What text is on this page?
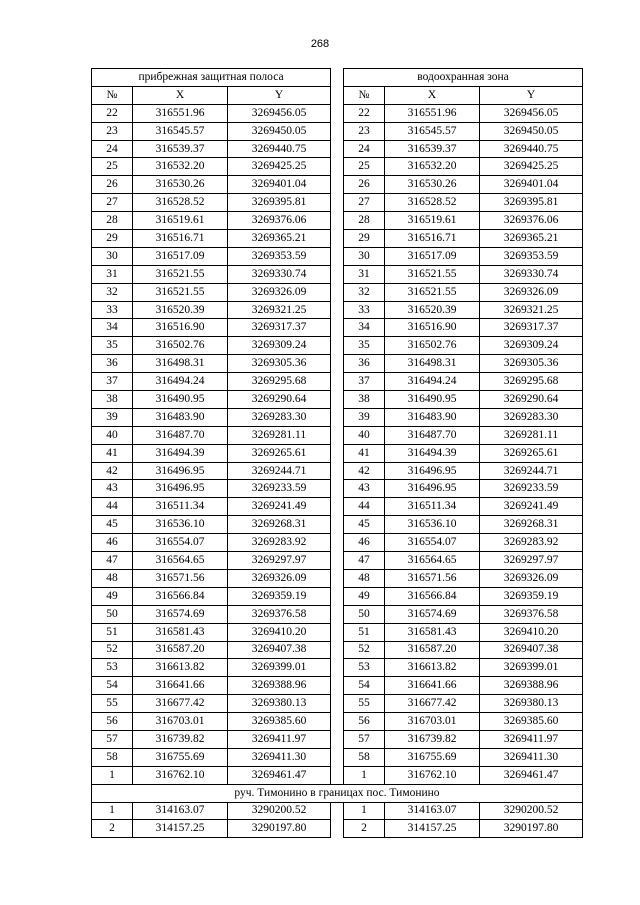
268
прибрежная защитная полоса				водоохранная зона		
№	X	Y		№	X	Y
22	316551.96	3269456.05		22	316551.96	3269456.05
23	316545.57	3269450.05		23	316545.57	3269450.05
24	316539.37	3269440.75		24	316539.37	3269440.75
25	316532.20	3269425.25		25	316532.20	3269425.25
26	316530.26	3269401.04		26	316530.26	3269401.04
27	316528.52	3269395.81		27	316528.52	3269395.81
28	316519.61	3269376.06		28	316519.61	3269376.06
29	316516.71	3269365.21		29	316516.71	3269365.21
30	316517.09	3269353.59		30	316517.09	3269353.59
31	316521.55	3269330.74		31	316521.55	3269330.74
32	316521.55	3269326.09		32	316521.55	3269326.09
33	316520.39	3269321.25		33	316520.39	3269321.25
34	316516.90	3269317.37		34	316516.90	3269317.37
35	316502.76	3269309.24		35	316502.76	3269309.24
36	316498.31	3269305.36		36	316498.31	3269305.36
37	316494.24	3269295.68		37	316494.24	3269295.68
38	316490.95	3269290.64		38	316490.95	3269290.64
39	316483.90	3269283.30		39	316483.90	3269283.30
40	316487.70	3269281.11		40	316487.70	3269281.11
41	316494.39	3269265.61		41	316494.39	3269265.61
42	316496.95	3269244.71		42	316496.95	3269244.71
43	316496.95	3269233.59		43	316496.95	3269233.59
44	316511.34	3269241.49		44	316511.34	3269241.49
45	316536.10	3269268.31		45	316536.10	3269268.31
46	316554.07	3269283.92		46	316554.07	3269283.92
47	316564.65	3269297.97		47	316564.65	3269297.97
48	316571.56	3269326.09		48	316571.56	3269326.09
49	316566.84	3269359.19		49	316566.84	3269359.19
50	316574.69	3269376.58		50	316574.69	3269376.58
51	316581.43	3269410.20		51	316581.43	3269410.20
52	316587.20	3269407.38		52	316587.20	3269407.38
53	316613.82	3269399.01		53	316613.82	3269399.01
54	316641.66	3269388.96		54	316641.66	3269388.96
55	316677.42	3269380.13		55	316677.42	3269380.13
56	316703.01	3269385.60		56	316703.01	3269385.60
57	316739.82	3269411.97		57	316739.82	3269411.97
58	316755.69	3269411.30		58	316755.69	3269411.30
1	316762.10	3269461.47		1	316762.10	3269461.47
руч. Тимонино в границах пос. Тимонино						
1	314163.07	3290200.52		1	314163.07	3290200.52
2	314157.25	3290197.80		2	314157.25	3290197.80
